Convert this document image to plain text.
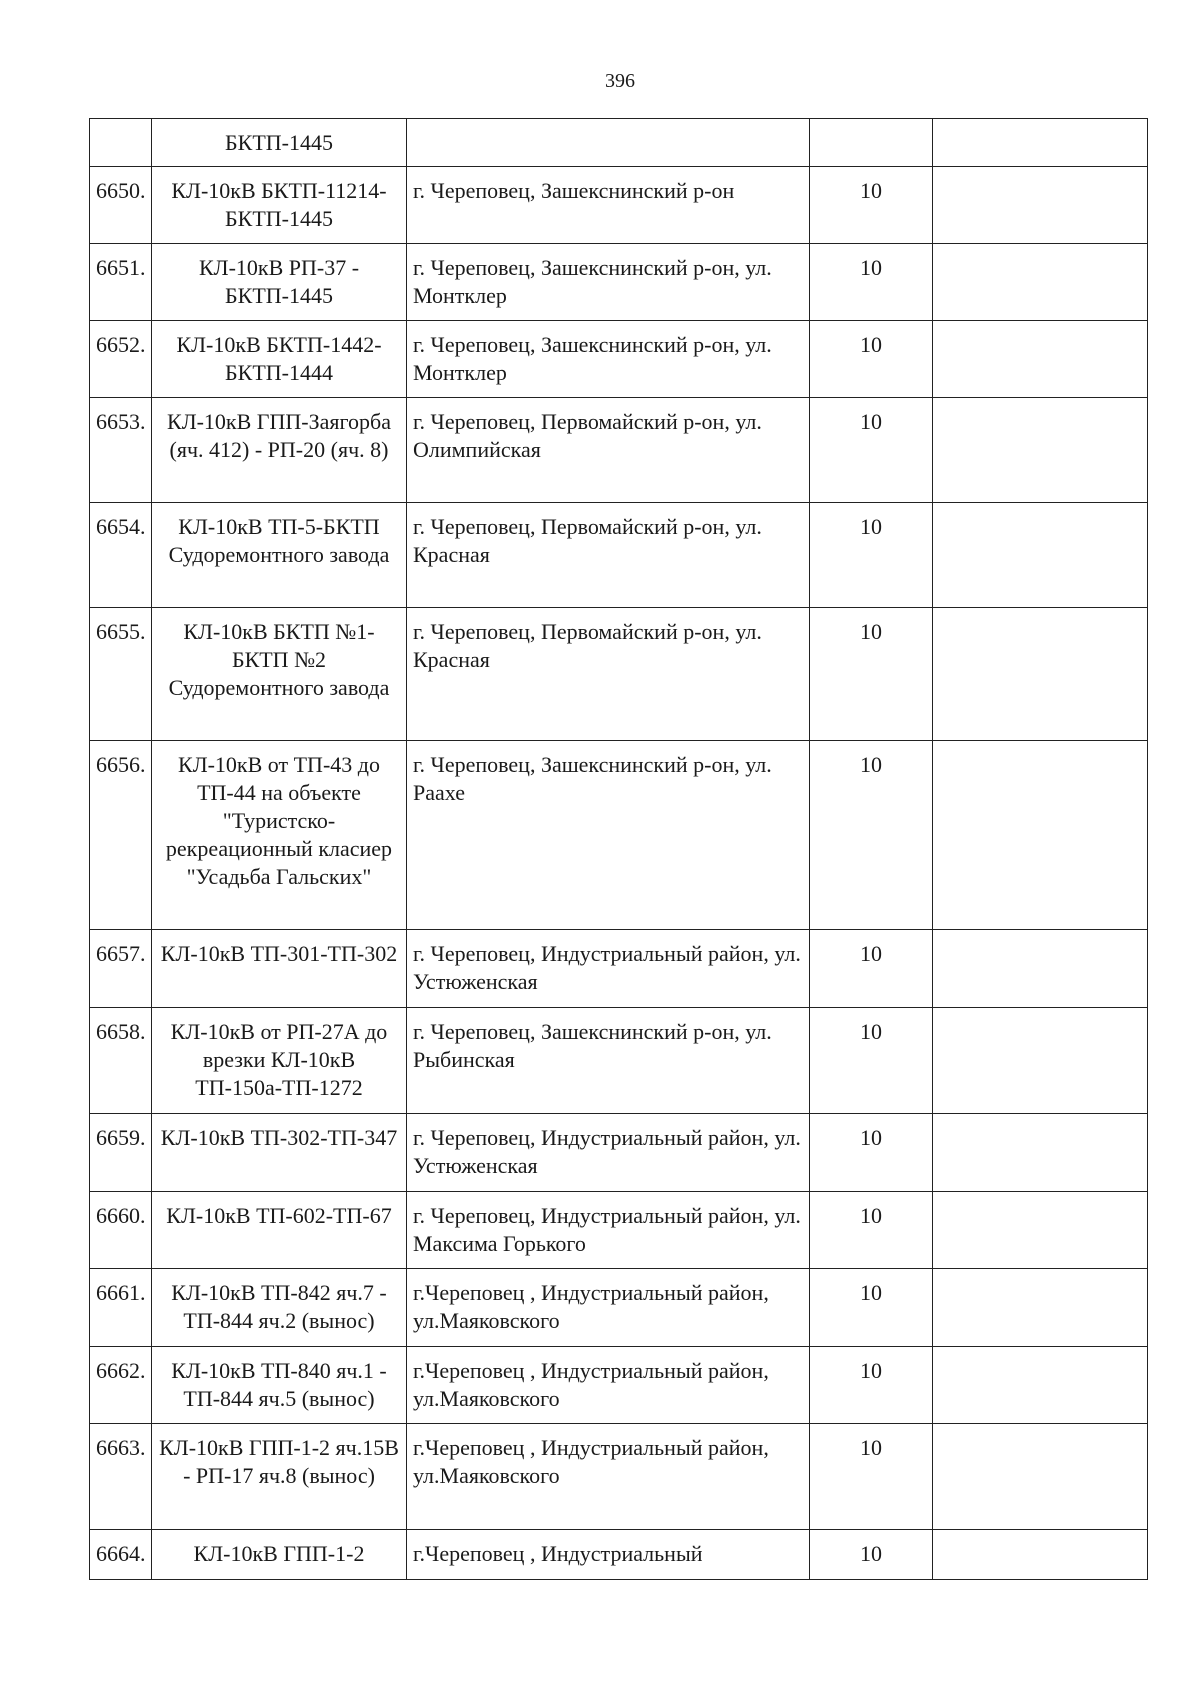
396
	БКТП-1445			
6650.	КЛ-10кВ БКТП-11214-БКТП-1445	г. Череповец, Зашекснинский р-он	10	
6651.	КЛ-10кВ РП-37 - БКТП-1445	г. Череповец, Зашекснинский р-он, ул. Монтклер	10	
6652.	КЛ-10кВ БКТП-1442-БКТП-1444	г. Череповец, Зашекснинский р-он, ул. Монтклер	10	
6653.	КЛ-10кВ ГПП-Заягорба (яч. 412) - РП-20 (яч. 8)	г. Череповец, Первомайский р-он, ул. Олимпийская	10	
6654.	КЛ-10кВ ТП-5-БКТП Судоремонтного завода	г. Череповец, Первомайский р-он, ул. Красная	10	
6655.	КЛ-10кВ БКТП №1-БКТП №2 Судоремонтного завода	г. Череповец, Первомайский р-он, ул. Красная	10	
6656.	КЛ-10кВ от ТП-43 до ТП-44 на объекте "Туристско-рекреационный класиер "Усадьба Гальских"	г. Череповец, Зашекснинский р-он, ул. Раахе	10	
6657.	КЛ-10кВ ТП-301-ТП-302	г. Череповец, Индустриальный район, ул. Устюженская	10	
6658.	КЛ-10кВ от РП-27А до врезки КЛ-10кВ ТП-150а-ТП-1272	г. Череповец, Зашекснинский р-он, ул. Рыбинская	10	
6659.	КЛ-10кВ ТП-302-ТП-347	г. Череповец, Индустриальный район, ул. Устюженская	10	
6660.	КЛ-10кВ ТП-602-ТП-67	г. Череповец, Индустриальный район, ул. Максима Горького	10	
6661.	КЛ-10кВ ТП-842 яч.7 - ТП-844 яч.2 (вынос)	г.Череповец , Индустриальный район, ул.Маяковского	10	
6662.	КЛ-10кВ ТП-840 яч.1 - ТП-844 яч.5 (вынос)	г.Череповец , Индустриальный район, ул.Маяковского	10	
6663.	КЛ-10кВ ГПП-1-2 яч.15В - РП-17 яч.8 (вынос)	г.Череповец , Индустриальный район, ул.Маяковского	10	
6664.	КЛ-10кВ ГПП-1-2	г.Череповец , Индустриальный	10	
